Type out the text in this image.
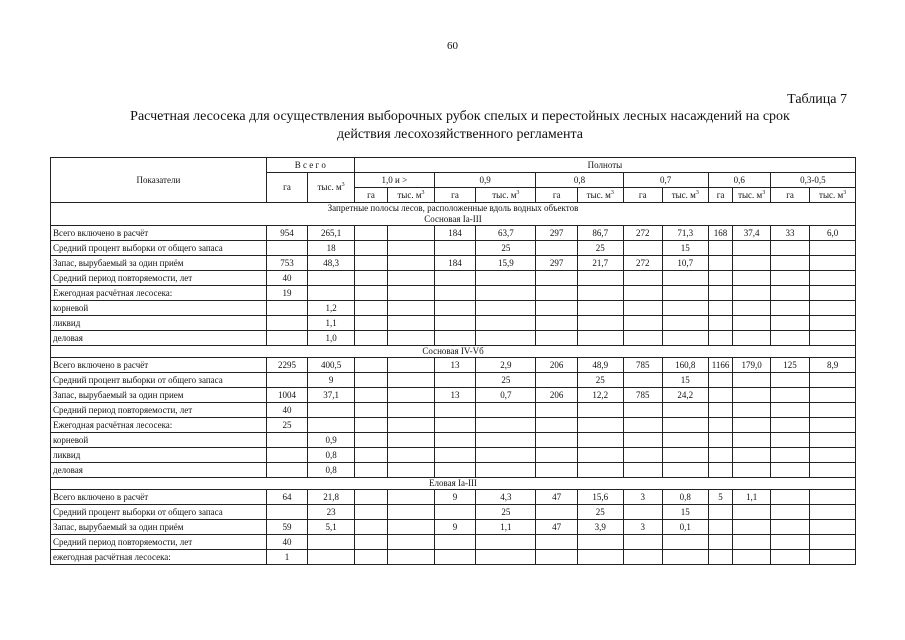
60
Таблица 7
Расчетная лесосека для осуществления выборочных рубок спелых и перестойных лесных насаждений на срок
действия лесохозяйственного регламента
Показатели	В с е г о		Полноты											
	га	тыс. $м^3$	1,0 и >		0,9		0,8		0,7		0,6		0,3-0,5	
			га	тыс. $м^3$	га	тыс. $м^3$	га	тыс. $м^3$	га	тыс. $м^3$	га	тыс. $м^3$	га	тыс. $м^3$
Запретные полосы лесов, расположенные вдоль водных объектов														
Сосновая Ia-III														
Всего включено в расчёт	954	265,1			184	63,7	297	86,7	272	71,3	168	37,4	33	6,0
Средний процент выборки от общего запаса		18				25		25		15				
Запас, вырубаемый за один приём	753	48,3			184	15,9	297	21,7	272	10,7				
Средний период повторяемости, лет	40													
Ежегодная расчётная лесосека:	19													
корневой		1,2												
ликвид		1,1												
деловая		1,0												
Сосновая IV-Vб														
Всего включено в расчёт	2295	400,5			13	2,9	206	48,9	785	160,8	1166	179,0	125	8,9
Средний процент выборки от общего запаса		9				25		25		15				
Запас, вырубаемый за один прием	1004	37,1			13	0,7	206	12,2	785	24,2				
Средний период повторяемости, лет	40													
Ежегодная расчётная лесосека:	25													
корневой		0,9												
ликвид		0,8												
деловая		0,8												
Еловая Ia-III														
Всего включено в расчёт	64	21,8			9	4,3	47	15,6	3	0,8	5	1,1		
Средний процент выборки от общего запаса		23				25		25		15				
Запас, вырубаемый за один приём	59	5,1			9	1,1	47	3,9	3	0,1				
Средний период повторяемости, лет	40													
ежегодная расчётная лесосека:	1													
